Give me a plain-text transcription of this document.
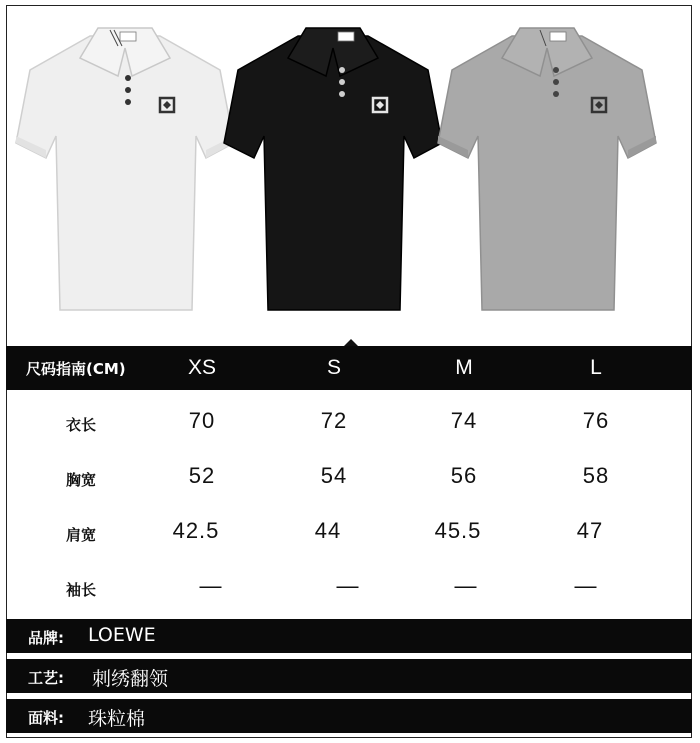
尺码指南(CM)	XS	S	M	L
衣长	70	72	74	76
胸宽	52	54	56	58
肩宽	42.5	44	45.5	47
袖长	—	—	—	—
品牌: LOEWE
工艺: 刺绣翻领
面料: 珠粒棉
